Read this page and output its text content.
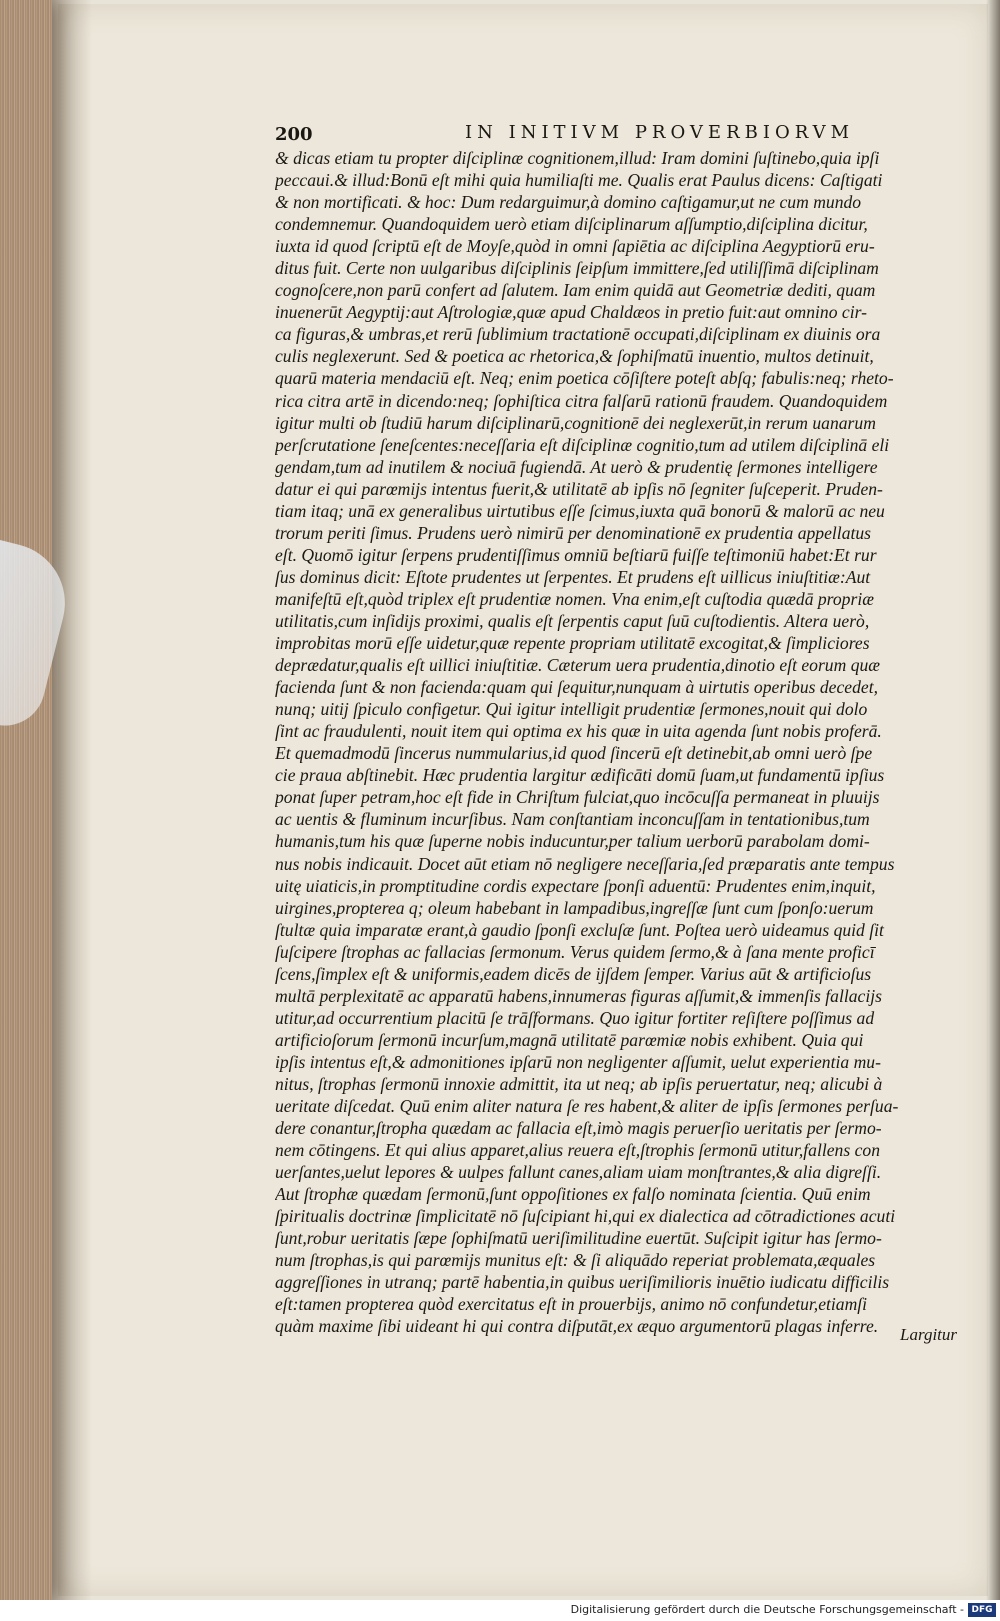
200	IN INITIVM PROVERBIORVM
& dicas etiam tu propter diſciplinæ cognitionem,illud: Iram domini ſuſtinebo,quia ipſi
peccaui.& illud:Bonū eſt mihi quia humiliaſti me. Qualis erat Paulus dicens: Caſtigati
& non mortificati. & hoc: Dum redarguimur,à domino caſtigamur,ut ne cum mundo
condemnemur. Quandoquidem uerò etiam diſciplinarum aſſumptio,diſciplina dicitur,
iuxta id quod ſcriptū eſt de Moyſe,quòd in omni ſapiētia ac diſciplina Aegyptiorū eru-
ditus fuit. Certe non uulgaribus diſciplinis ſeipſum immittere,ſed utiliſſimā diſciplinam
cognoſcere,non parū confert ad ſalutem. Iam enim quidā aut Geometriæ dediti, quam
inuenerūt Aegyptij:aut Aſtrologiæ,quæ apud Chaldæos in pretio fuit:aut omnino cir-
ca figuras,& umbras,et rerū ſublimium tractationē occupati,diſciplinam ex diuinis ora
culis neglexerunt. Sed & poetica ac rhetorica,& ſophiſmatū inuentio, multos detinuit,
quarū materia mendaciū eſt. Neq; enim poetica cōſiſtere poteſt abſq; fabulis:neq; rheto-
rica citra artē in dicendo:neq; ſophiſtica citra falſarū rationū fraudem. Quandoquidem
igitur multi ob ſtudiū harum diſciplinarū,cognitionē dei neglexerūt,in rerum uanarum
perſcrutatione ſeneſcentes:neceſſaria eſt diſciplinæ cognitio,tum ad utilem diſciplinā eli
gendam,tum ad inutilem & nociuā fugiendā. At uerò & prudentię ſermones intelligere
datur ei qui parœmijs intentus fuerit,& utilitatē ab ipſis nō ſegniter ſuſceperit. Pruden-
tiam itaq; unā ex generalibus uirtutibus eſſe ſcimus,iuxta quā bonorū & malorū ac neu
trorum periti ſimus. Prudens uerò nimirū per denominationē ex prudentia appellatus
eſt. Quomō igitur ſerpens prudentiſſimus omniū beſtiarū fuiſſe teſtimoniū habet:Et rur
ſus dominus dicit: Eſtote prudentes ut ſerpentes. Et prudens eſt uillicus iniuſtitiæ:Aut
manifeſtū eſt,quòd triplex eſt prudentiæ nomen. Vna enim,eſt cuſtodia quædā propriæ
utilitatis,cum inſidijs proximi, qualis eſt ſerpentis caput ſuū cuſtodientis. Altera uerò,
improbitas morū eſſe uidetur,quæ repente propriam utilitatē excogitat,& ſimpliciores
deprædatur,qualis eſt uillici iniuſtitiæ. Cæterum uera prudentia,dinotio eſt eorum quæ
facienda ſunt & non facienda:quam qui ſequitur,nunquam à uirtutis operibus decedet,
nunq; uitij ſpiculo configetur. Qui igitur intelligit prudentiæ ſermones,nouit qui dolo
ſint ac fraudulenti, nouit item qui optima ex his quæ in uita agenda ſunt nobis proferā.
Et quemadmodū ſincerus nummularius,id quod ſincerū eſt detinebit,ab omni uerò ſpe
cie praua abſtinebit. Hæc prudentia largitur ædificāti domū ſuam,ut fundamentū ipſius
ponat ſuper petram,hoc eſt fide in Chriſtum fulciat,quo incōcuſſa permaneat in pluuijs
ac uentis & fluminum incurſibus. Nam conſtantiam inconcuſſam in tentationibus,tum
humanis,tum his quæ ſuperne nobis inducuntur,per talium uerborū parabolam domi-
nus nobis indicauit. Docet aūt etiam nō negligere neceſſaria,ſed præparatis ante tempus
uitę uiaticis,in promptitudine cordis expectare ſponſi aduentū: Prudentes enim,inquit,
uirgines,propterea q; oleum habebant in lampadibus,ingreſſæ ſunt cum ſponſo:uerum
ſtultæ quia imparatæ erant,à gaudio ſponſi excluſæ ſunt. Poſtea uerò uideamus quid ſit
ſuſcipere ſtrophas ac fallacias ſermonum. Verus quidem ſermo,& à ſana mente proficī
ſcens,ſimplex eſt & uniformis,eadem dicēs de ijſdem ſemper. Varius aūt & artificioſus
multā perplexitatē ac apparatū habens,innumeras figuras aſſumit,& immenſis fallacijs
utitur,ad occurrentium placitū ſe trāſformans. Quo igitur fortiter reſiſtere poſſimus ad
artificioſorum ſermonū incurſum,magnā utilitatē parœmiæ nobis exhibent. Quia qui
ipſis intentus eſt,& admonitiones ipſarū non negligenter aſſumit, uelut experientia mu-
nitus, ſtrophas ſermonū innoxie admittit, ita ut neq; ab ipſis peruertatur, neq; alicubi à
ueritate diſcedat. Quū enim aliter natura ſe res habent,& aliter de ipſis ſermones perſua-
dere conantur,ſtropha quædam ac fallacia eſt,imò magis peruerſio ueritatis per ſermo-
nem cōtingens. Et qui alius apparet,alius reuera eſt,ſtrophis ſermonū utitur,fallens con
uerſantes,uelut lepores & uulpes fallunt canes,aliam uiam monſtrantes,& alia digreſſi.
Aut ſtrophæ quædam ſermonū,ſunt oppoſitiones ex falſo nominata ſcientia. Quū enim
ſpiritualis doctrinæ ſimplicitatē nō ſuſcipiant hi,qui ex dialectica ad cōtradictiones acuti
ſunt,robur ueritatis ſæpe ſophiſmatū ueriſimilitudine euertūt. Suſcipit igitur has ſermo-
num ſtrophas,is qui parœmijs munitus eſt: & ſi aliquādo reperiat problemata,æquales
aggreſſiones in utranq; partē habentia,in quibus ueriſimilioris inuētio iudicatu difficilis
eſt:tamen propterea quòd exercitatus eſt in prouerbijs, animo nō confundetur,etiamſi
quàm maxime ſibi uideant hi qui contra diſputāt,ex æquo argumentorū plagas inferre.	Largitur
Digitalisierung gefördert durch die Deutsche Forschungsgemeinschaft - DFG
